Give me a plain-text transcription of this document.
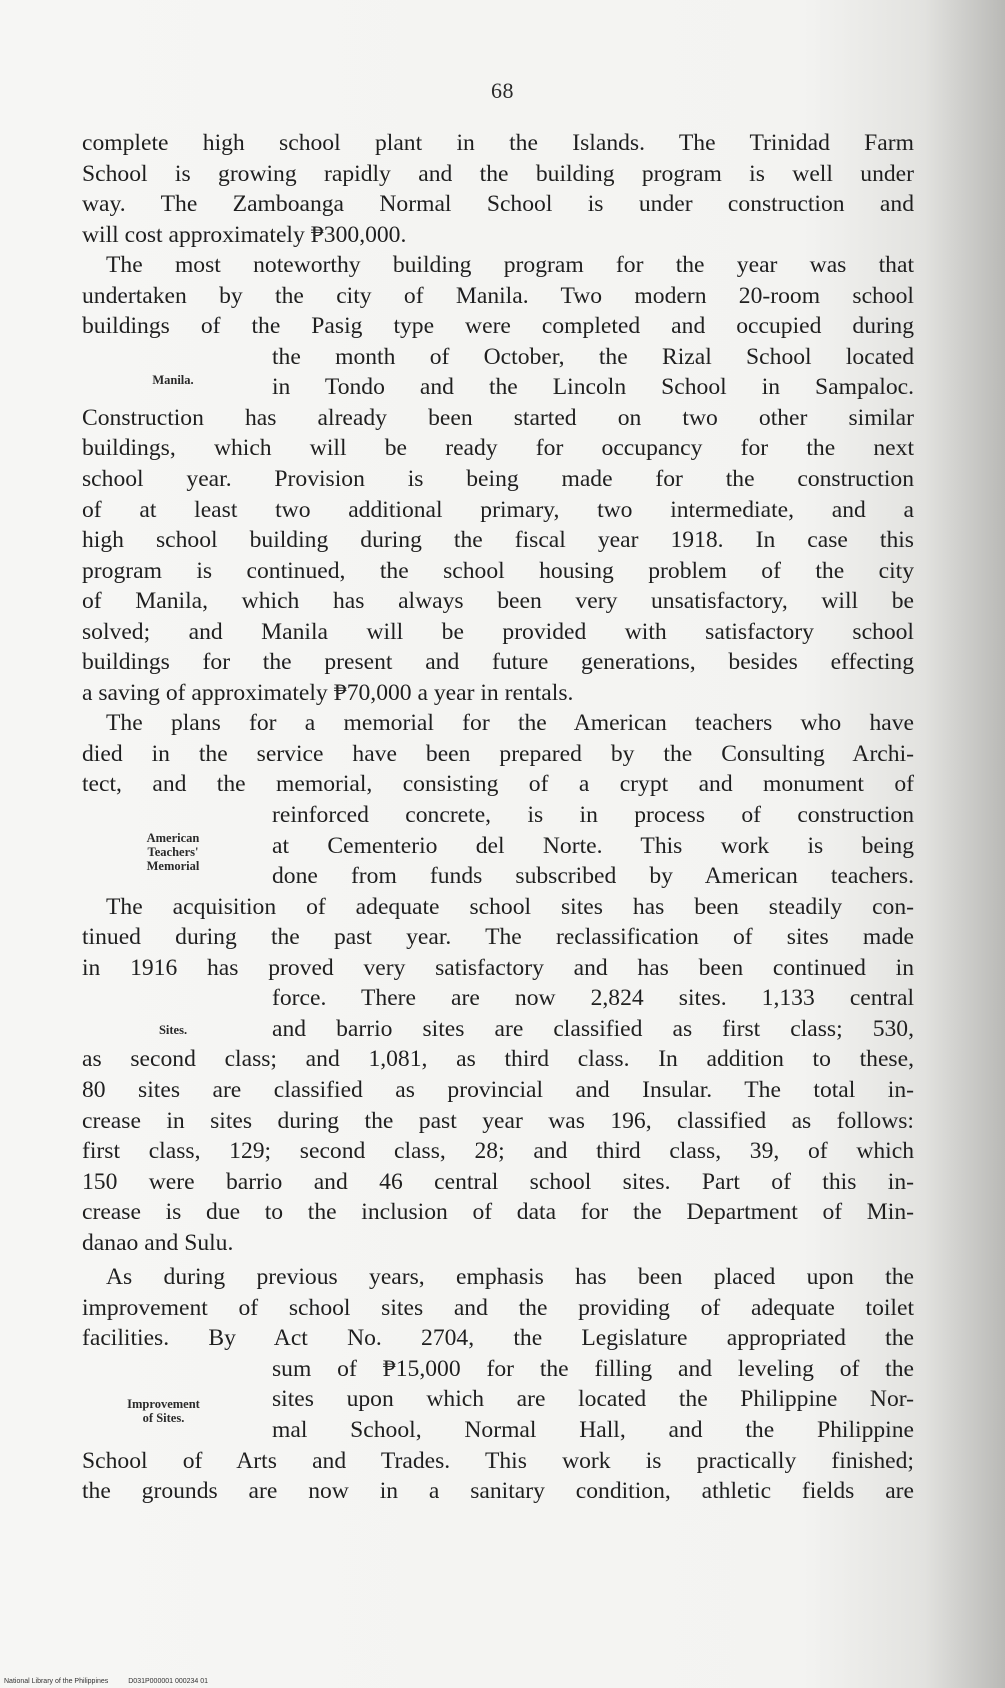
68
complete high school plant in the Islands. The Trinidad Farm
School is growing rapidly and the building program is well under
way. The Zamboanga Normal School is under construction and
will cost approximately ₱300,000.
The most noteworthy building program for the year was that
undertaken by the city of Manila. Two modern 20-room school
buildings of the Pasig type were completed and occupied during
the month of October, the Rizal School located
in Tondo and the Lincoln School in Sampaloc.
Construction has already been started on two other similar
buildings, which will be ready for occupancy for the next
school year. Provision is being made for the construction
of at least two additional primary, two intermediate, and a
high school building during the fiscal year 1918. In case this
program is continued, the school housing problem of the city
of Manila, which has always been very unsatisfactory, will be
solved; and Manila will be provided with satisfactory school
buildings for the present and future generations, besides effecting
a saving of approximately ₱70,000 a year in rentals.
The plans for a memorial for the American teachers who have
died in the service have been prepared by the Consulting Archi-
tect, and the memorial, consisting of a crypt and monument of
reinforced concrete, is in process of construction
at Cementerio del Norte. This work is being
done from funds subscribed by American teachers.
The acquisition of adequate school sites has been steadily con-
tinued during the past year. The reclassification of sites made
in 1916 has proved very satisfactory and has been continued in
force. There are now 2,824 sites. 1,133 central
and barrio sites are classified as first class; 530,
as second class; and 1,081, as third class. In addition to these,
80 sites are classified as provincial and Insular. The total in-
crease in sites during the past year was 196, classified as follows:
first class, 129; second class, 28; and third class, 39, of which
150 were barrio and 46 central school sites. Part of this in-
crease is due to the inclusion of data for the Department of Min-
danao and Sulu.
As during previous years, emphasis has been placed upon the
improvement of school sites and the providing of adequate toilet
facilities. By Act No. 2704, the Legislature appropriated the
sum of ₱15,000 for the filling and leveling of the
sites upon which are located the Philippine Nor-
mal School, Normal Hall, and the Philippine
School of Arts and Trades. This work is practically finished;
the grounds are now in a sanitary condition, athletic fields are
Manila.
American
Teachers'
Memorial
Sites.
Improvement
of Sites.
National Library of the Philippines	D031P000001 000234 01
